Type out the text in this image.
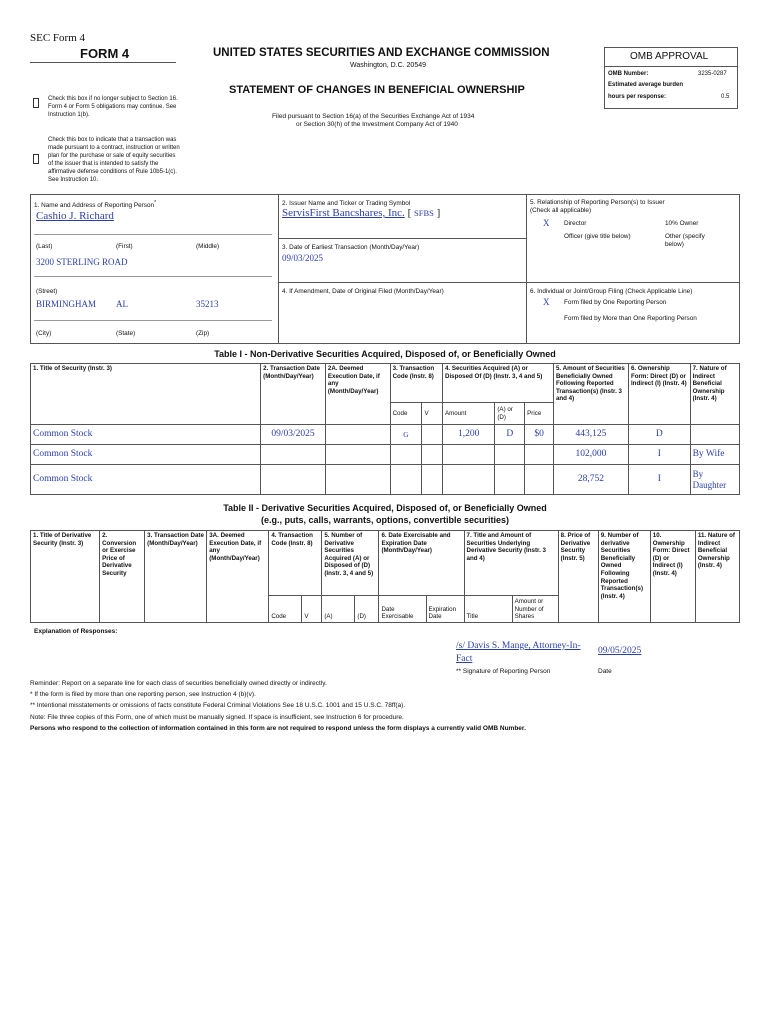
SEC Form 4
FORM 4	UNITED STATES SECURITIES AND EXCHANGE COMMISSION
Washington, D.C. 20549
STATEMENT OF CHANGES IN BENEFICIAL OWNERSHIP
Filed pursuant to Section 16(a) of the Securities Exchange Act of 1934
or Section 30(h) of the Investment Company Act of 1940
Check this box if no longer subject to Section 16. Form 4 or Form 5 obligations may continue. See Instruction 1(b).
Check this box to indicate that a transaction was made pursuant to a contract, instruction or written plan for the purchase or sale of equity securities of the issuer that is intended to satisfy the affirmative defense conditions of Rule 10b5-1(c). See Instruction 10.
OMB APPROVAL
OMB Number:	3235-0287
Estimated average burden
hours per response:	0.5
1. Name and Address of Reporting Person*
Cashio J. Richard
(Last)	(First)	(Middle)
3200 STERLING ROAD
(Street)
BIRMINGHAM AL	35213
(City)	(State)	(Zip)
2. Issuer Name and Ticker or Trading Symbol
ServisFirst Bancshares, Inc. [ SFBS ]
3. Date of Earliest Transaction (Month/Day/Year)
09/03/2025
4. If Amendment, Date of Original Filed (Month/Day/Year)
5. Relationship of Reporting Person(s) to Issuer
(Check all applicable)
X Director	10% Owner
Officer (give title below)	Other (specify below)
6. Individual or Joint/Group Filing (Check Applicable Line)
X Form filed by One Reporting Person
Form filed by More than One Reporting Person
Table I - Non-Derivative Securities Acquired, Disposed of, or Beneficially Owned
1. Title of Security (Instr. 3)	2. Transaction Date (Month/Day/Year)	2A. Deemed Execution Date, if any (Month/Day/Year)	3. Transaction Code (Instr. 8)		4. Securities Acquired (A) or Disposed Of (D) (Instr. 3, 4 and 5)			5. Amount of Securities Beneficially Owned Following Reported Transaction(s) (Instr. 3 and 4)	6. Ownership Form: Direct (D) or Indirect (I) (Instr. 4)	7. Nature of Indirect Beneficial Ownership (Instr. 4)
			Code	V	Amount	(A) or (D)	Price			
Common Stock	09/03/2025		G		1,200	D	$0	443,125	D	
Common Stock								102,000	I	By Wife
Common Stock								28,752	I	By Daughter
Table II - Derivative Securities Acquired, Disposed of, or Beneficially Owned
(e.g., puts, calls, warrants, options, convertible securities)
1. Title of Derivative Security (Instr. 3)	2. Conversion or Exercise Price of Derivative Security	3. Transaction Date (Month/Day/Year)	3A. Deemed Execution Date, if any (Month/Day/Year)	4. Transaction Code (Instr. 8)		5. Number of Derivative Securities Acquired (A) or Disposed of (D) (Instr. 3, 4 and 5)		6. Date Exercisable and Expiration Date (Month/Day/Year)		7. Title and Amount of Securities Underlying Derivative Security (Instr. 3 and 4)		8. Price of Derivative Security (Instr. 5)	9. Number of derivative Securities Beneficially Owned Following Reported Transaction(s) (Instr. 4)	10. Ownership Form: Direct (D) or Indirect (I) (Instr. 4)	11. Nature of Indirect Beneficial Ownership (Instr. 4)
				Code	V	(A)	(D)	Date Exercisable	Expiration Date	Title	Amount or Number of Shares				
Explanation of Responses:
/s/ Davis S. Mange, Attorney-In-Fact
09/05/2025
** Signature of Reporting Person	Date
Reminder: Report on a separate line for each class of securities beneficially owned directly or indirectly.
* If the form is filed by more than one reporting person, see Instruction 4 (b)(v).
** Intentional misstatements or omissions of facts constitute Federal Criminal Violations See 18 U.S.C. 1001 and 15 U.S.C. 78ff(a).
Note: File three copies of this Form, one of which must be manually signed. If space is insufficient, see Instruction 6 for procedure.
Persons who respond to the collection of information contained in this form are not required to respond unless the form displays a currently valid OMB Number.
